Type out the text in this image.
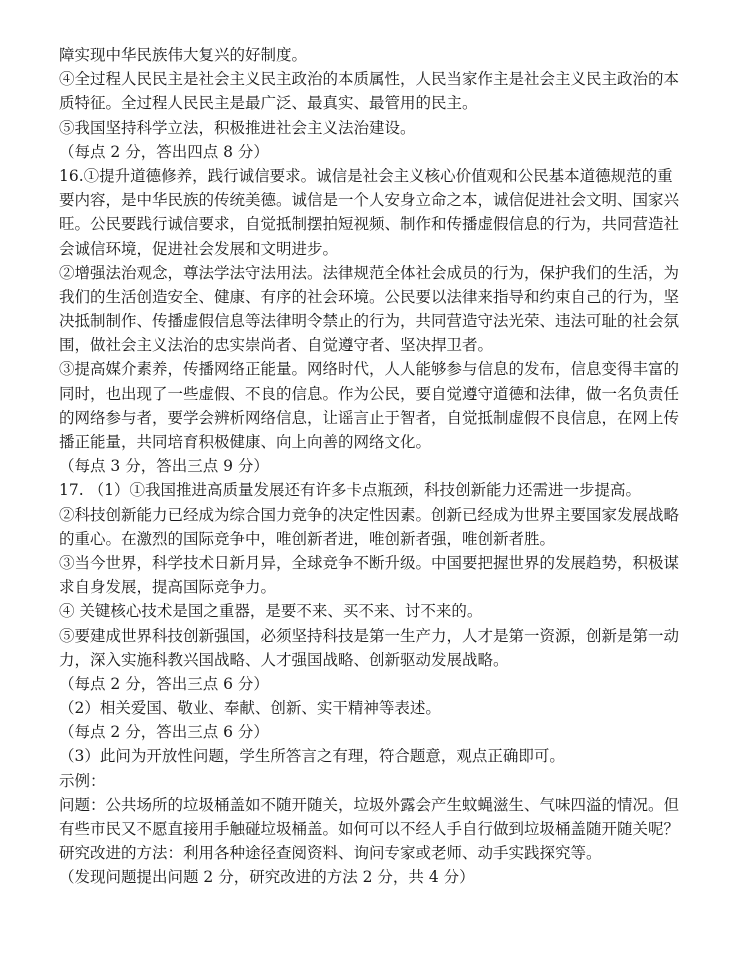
障实现中华民族伟大复兴的好制度。
④全过程人民民主是社会主义民主政治的本质属性，人民当家作主是社会主义民主政治的本
质特征。全过程人民民主是最广泛、最真实、最管用的民主。
⑤我国坚持科学立法，积极推进社会主义法治建设。
（每点 2 分，答出四点 8 分）
16.①提升道德修养，践行诚信要求。诚信是社会主义核心价值观和公民基本道德规范的重
要内容，是中华民族的传统美德。诚信是一个人安身立命之本，诚信促进社会文明、国家兴
旺。公民要践行诚信要求，自觉抵制摆拍短视频、制作和传播虚假信息的行为，共同营造社
会诚信环境，促进社会发展和文明进步。
②增强法治观念，尊法学法守法用法。法律规范全体社会成员的行为，保护我们的生活，为
我们的生活创造安全、健康、有序的社会环境。公民要以法律来指导和约束自己的行为，坚
决抵制制作、传播虚假信息等法律明令禁止的行为，共同营造守法光荣、违法可耻的社会氛
围，做社会主义法治的忠实崇尚者、自觉遵守者、坚决捍卫者。
③提高媒介素养，传播网络正能量。网络时代，人人能够参与信息的发布，信息变得丰富的
同时，也出现了一些虚假、不良的信息。作为公民，要自觉遵守道德和法律，做一名负责任
的网络参与者，要学会辨析网络信息，让谣言止于智者，自觉抵制虚假不良信息，在网上传
播正能量，共同培育积极健康、向上向善的网络文化。
（每点 3 分，答出三点 9 分）
17. （1）①我国推进高质量发展还有许多卡点瓶颈，科技创新能力还需进一步提高。
②科技创新能力已经成为综合国力竞争的决定性因素。创新已经成为世界主要国家发展战略
的重心。在激烈的国际竞争中，唯创新者进，唯创新者强，唯创新者胜。
③当今世界，科学技术日新月异，全球竞争不断升级。中国要把握世界的发展趋势，积极谋
求自身发展，提高国际竞争力。
④ 关键核心技术是国之重器，是要不来、买不来、讨不来的。
⑤要建成世界科技创新强国，必须坚持科技是第一生产力，人才是第一资源，创新是第一动
力，深入实施科教兴国战略、人才强国战略、创新驱动发展战略。
（每点 2 分，答出三点 6 分）
（2）相关爱国、敬业、奉献、创新、实干精神等表述。
（每点 2 分，答出三点 6 分）
（3）此问为开放性问题，学生所答言之有理，符合题意，观点正确即可。
示例：
问题：公共场所的垃圾桶盖如不随开随关，垃圾外露会产生蚊蝇滋生、气味四溢的情况。但
有些市民又不愿直接用手触碰垃圾桶盖。如何可以不经人手自行做到垃圾桶盖随开随关呢？
研究改进的方法：利用各种途径查阅资料、询问专家或老师、动手实践探究等。
（发现问题提出问题 2 分，研究改进的方法 2 分，共 4 分）
